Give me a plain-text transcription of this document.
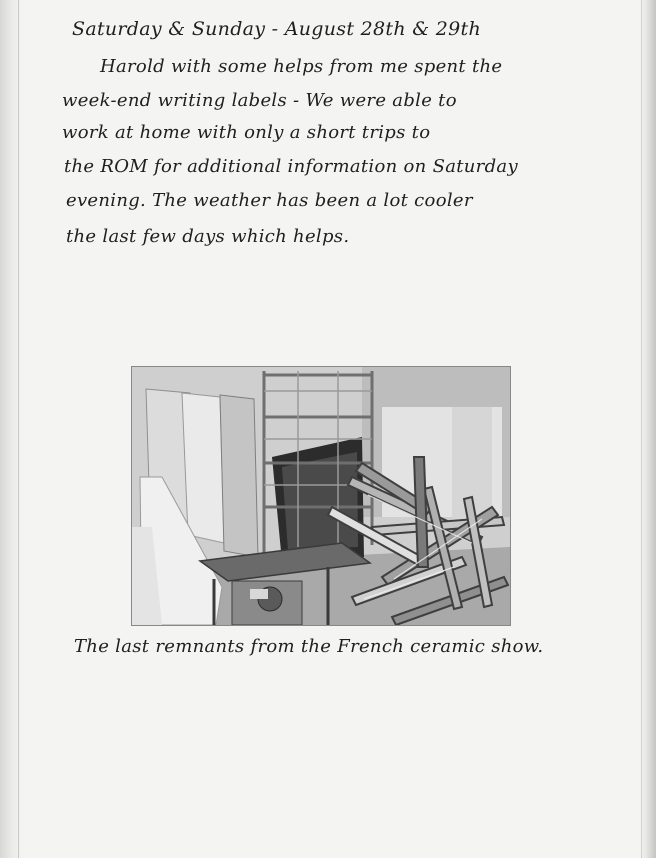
Saturday & Sunday - August 28th & 29th
Harold with some helps from me spent the
week-end writing labels - We were able to
work at home with only a short trips to
the ROM for additional information on Saturday
evening. The weather has been a lot cooler
the last few days which helps.
The last remnants from the French ceramic show.
